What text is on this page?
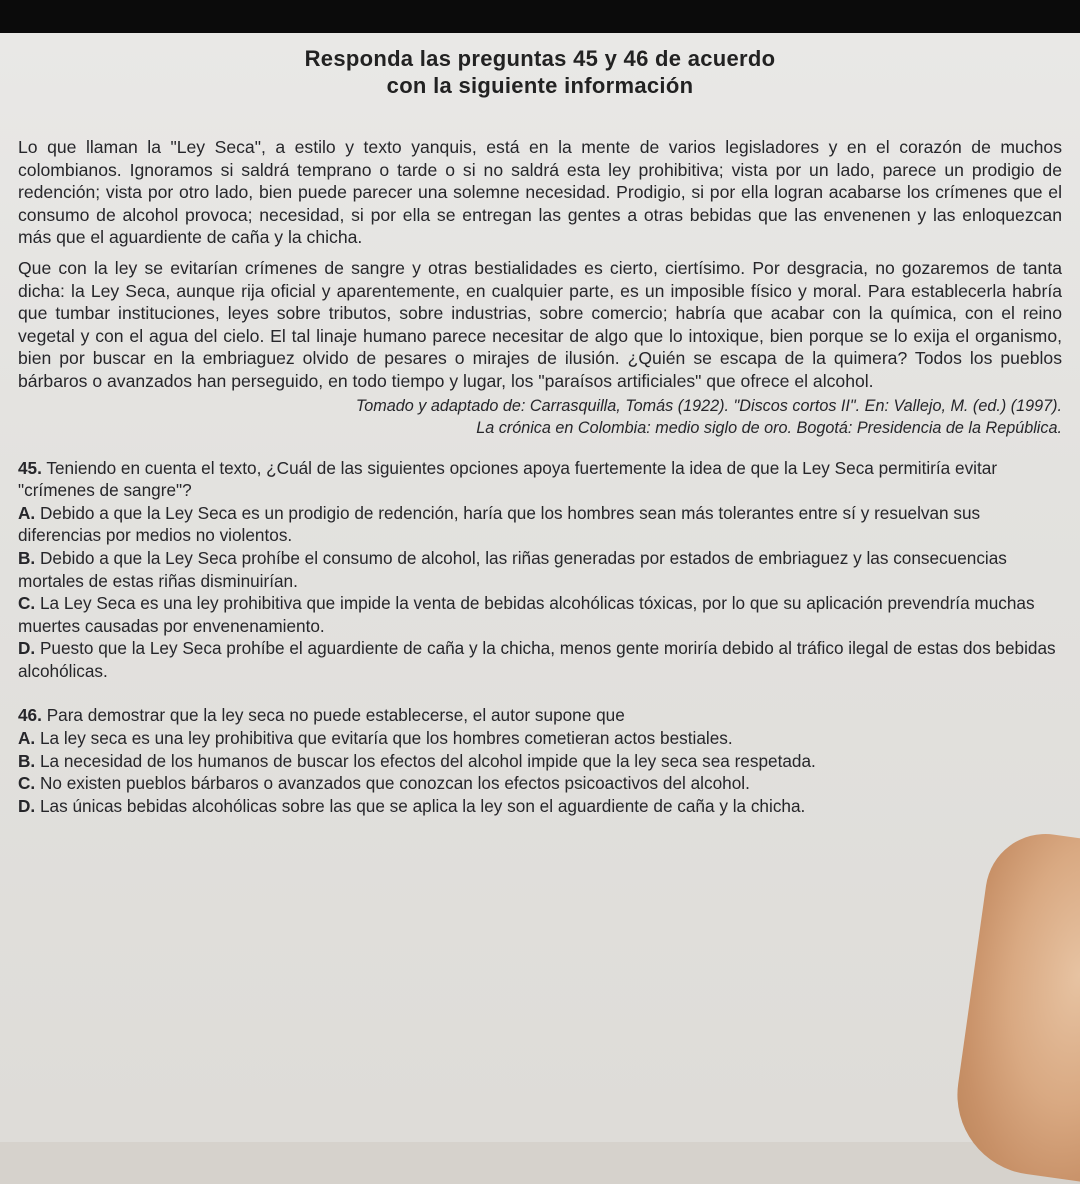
Responda las preguntas 45 y 46 de acuerdo
con la siguiente información

Lo que llaman la "Ley Seca", a estilo y texto yanquis, está en la mente de varios legisladores y en el corazón de muchos colombianos. Ignoramos si saldrá temprano o tarde o si no saldrá esta ley prohibitiva; vista por un lado, parece un prodigio de redención; vista por otro lado, bien puede parecer una solemne necesidad. Prodigio, si por ella logran acabarse los crímenes que el consumo de alcohol provoca; necesidad, si por ella se entregan las gentes a otras bebidas que las envenenen y las enloquezcan más que el aguardiente de caña y la chicha.

Que con la ley se evitarían crímenes de sangre y otras bestialidades es cierto, ciertísimo. Por desgracia, no gozaremos de tanta dicha: la Ley Seca, aunque rija oficial y aparentemente, en cualquier parte, es un imposible físico y moral. Para establecerla habría que tumbar instituciones, leyes sobre tributos, sobre industrias, sobre comercio; habría que acabar con la química, con el reino vegetal y con el agua del cielo. El tal linaje humano parece necesitar de algo que lo intoxique, bien porque se lo exija el organismo, bien por buscar en la embriaguez olvido de pesares o mirajes de ilusión. ¿Quién se escapa de la quimera? Todos los pueblos bárbaros o avanzados han perseguido, en todo tiempo y lugar, los "paraísos artificiales" que ofrece el alcohol.

Tomado y adaptado de: Carrasquilla, Tomás (1922). "Discos cortos II". En: Vallejo, M. (ed.) (1997).
La crónica en Colombia: medio siglo de oro. Bogotá: Presidencia de la República.
45. Teniendo en cuenta el texto, ¿Cuál de las siguientes opciones apoya fuertemente la idea de que la Ley Seca permitiría evitar "crímenes de sangre"?
A. Debido a que la Ley Seca es un prodigio de redención, haría que los hombres sean más tolerantes entre sí y resuelvan sus diferencias por medios no violentos.
B. Debido a que la Ley Seca prohíbe el consumo de alcohol, las riñas generadas por estados de embriaguez y las consecuencias mortales de estas riñas disminuirían.
C. La Ley Seca es una ley prohibitiva que impide la venta de bebidas alcohólicas tóxicas, por lo que su aplicación prevendría muchas muertes causadas por envenenamiento.
D. Puesto que la Ley Seca prohíbe el aguardiente de caña y la chicha, menos gente moriría debido al tráfico ilegal de estas dos bebidas alcohólicas.
46. Para demostrar que la ley seca no puede establecerse, el autor supone que
A. La ley seca es una ley prohibitiva que evitaría que los hombres cometieran actos bestiales.
B. La necesidad de los humanos de buscar los efectos del alcohol impide que la ley seca sea respetada.
C. No existen pueblos bárbaros o avanzados que conozcan los efectos psicoactivos del alcohol.
D. Las únicas bebidas alcohólicas sobre las que se aplica la ley son el aguardiente de caña y la chicha.
